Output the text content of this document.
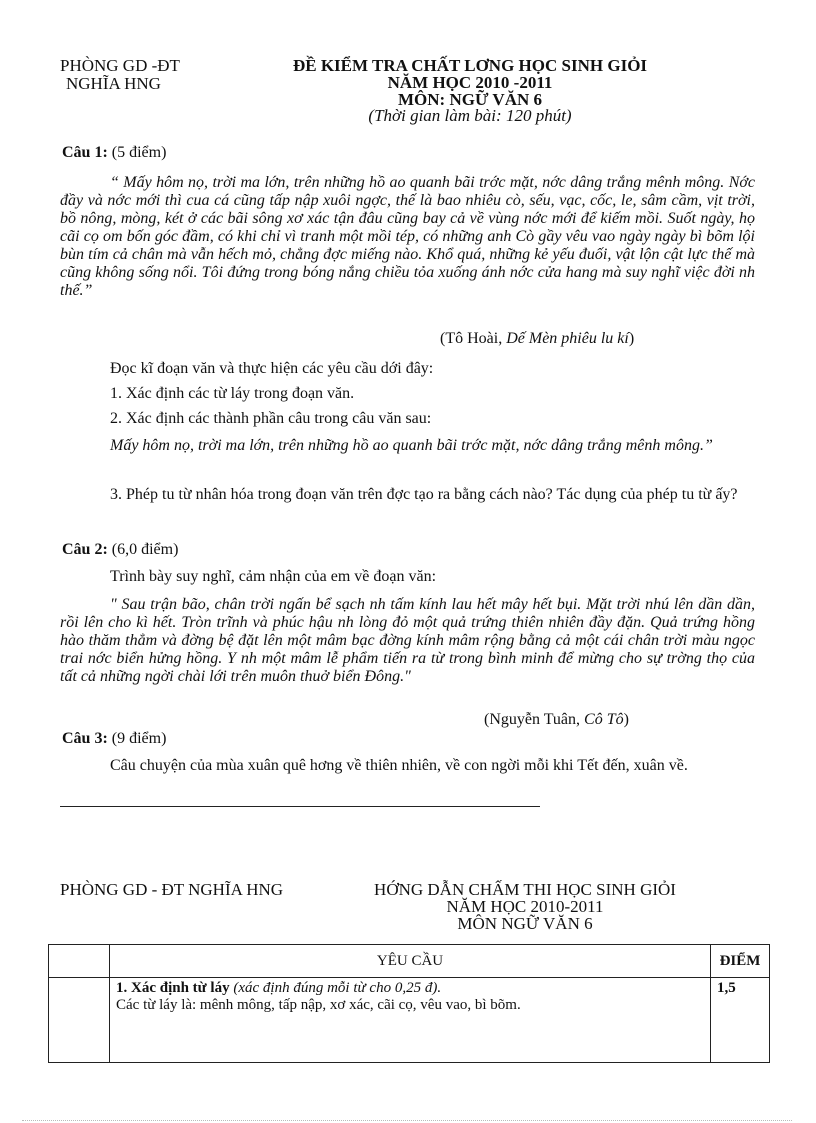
PHÒNG GD -ĐT
NGHĨA HNG
ĐỀ KIỂM TRA CHẤT LƠNG HỌC SINH GIỎI
NĂM HỌC 2010 -2011
MÔN: NGỮ VĂN 6
(Thời gian làm bài: 120 phút)
Câu 1: (5 điểm)
“ Mấy hôm nọ, trời ma lớn, trên những hồ ao quanh bãi trớc mặt, nớc dâng trắng mênh mông. Nớc đầy và nớc mới thì cua cá cũng tấp nập xuôi ngợc, thế là bao nhiêu cò, sếu, vạc, cốc, le, sâm cầm, vịt trời, bồ nông, mòng, két ở các bãi sông xơ xác tận đâu cũng bay cả về vùng nớc mới để kiếm mồi. Suốt ngày, họ cãi cọ om bốn góc đầm, có khi chỉ vì tranh một mồi tép, có những anh Cò gầy vêu vao ngày ngày bì bõm lội bùn tím cả chân mà vẫn hếch mỏ, chẳng đợc miếng nào. Khổ quá, những kẻ yếu đuối, vật lộn cật lực thế mà cũng không sống nổi. Tôi đứng trong bóng nắng chiều tỏa xuống ánh nớc cửa hang mà suy nghĩ việc đời nh thế.”
(Tô Hoài, Dế Mèn phiêu lu kí)
Đọc kĩ đoạn văn và thực hiện các yêu cầu dới đây:
1. Xác định các từ láy trong đoạn văn.
2. Xác định các thành phần câu trong câu văn sau:
Mấy hôm nọ, trời ma lớn, trên những hồ ao quanh bãi trớc mặt, nớc dâng trắng mênh mông.”
3. Phép tu từ nhân hóa trong đoạn văn trên đợc tạo ra bằng cách nào? Tác dụng của phép tu từ ấy?
Câu 2: (6,0 điểm)
Trình bày suy nghĩ, cảm nhận của em về đoạn văn:
" Sau trận bão, chân trời ngấn bể sạch nh tấm kính lau hết mây hết bụi. Mặt trời nhú lên dần dần, rồi lên cho kì hết. Tròn trĩnh và phúc hậu nh lòng đỏ một quả trứng thiên nhiên đầy đặn. Quả trứng hồng hào thăm thẳm và đờng bệ đặt lên một mâm bạc đờng kính mâm rộng bằng cả một cái chân trời màu ngọc trai nớc biển hửng hồng. Y nh một mâm lễ phẩm tiến ra từ trong bình minh để mừng cho sự trờng thọ của tất cả những ngời chài lới trên muôn thuở biển Đông."
(Nguyễn Tuân, Cô Tô)
Câu 3: (9 điểm)
Câu chuyện của mùa xuân quê hơng về thiên nhiên, về con ngời mỗi khi Tết đến, xuân về.
PHÒNG GD - ĐT NGHĨA HNG	HỚNG DẪN CHẤM THI HỌC SINH GIỎI
NĂM HỌC 2010-2011
MÔN NGỮ VĂN 6
	YÊU CẦU	ĐIỂM
	1. Xác định từ láy (xác định đúng mỗi từ cho 0,25 đ).
Các từ láy là: mênh mông, tấp nập, xơ xác, cãi cọ, vêu vao, bì bõm.	1,5
